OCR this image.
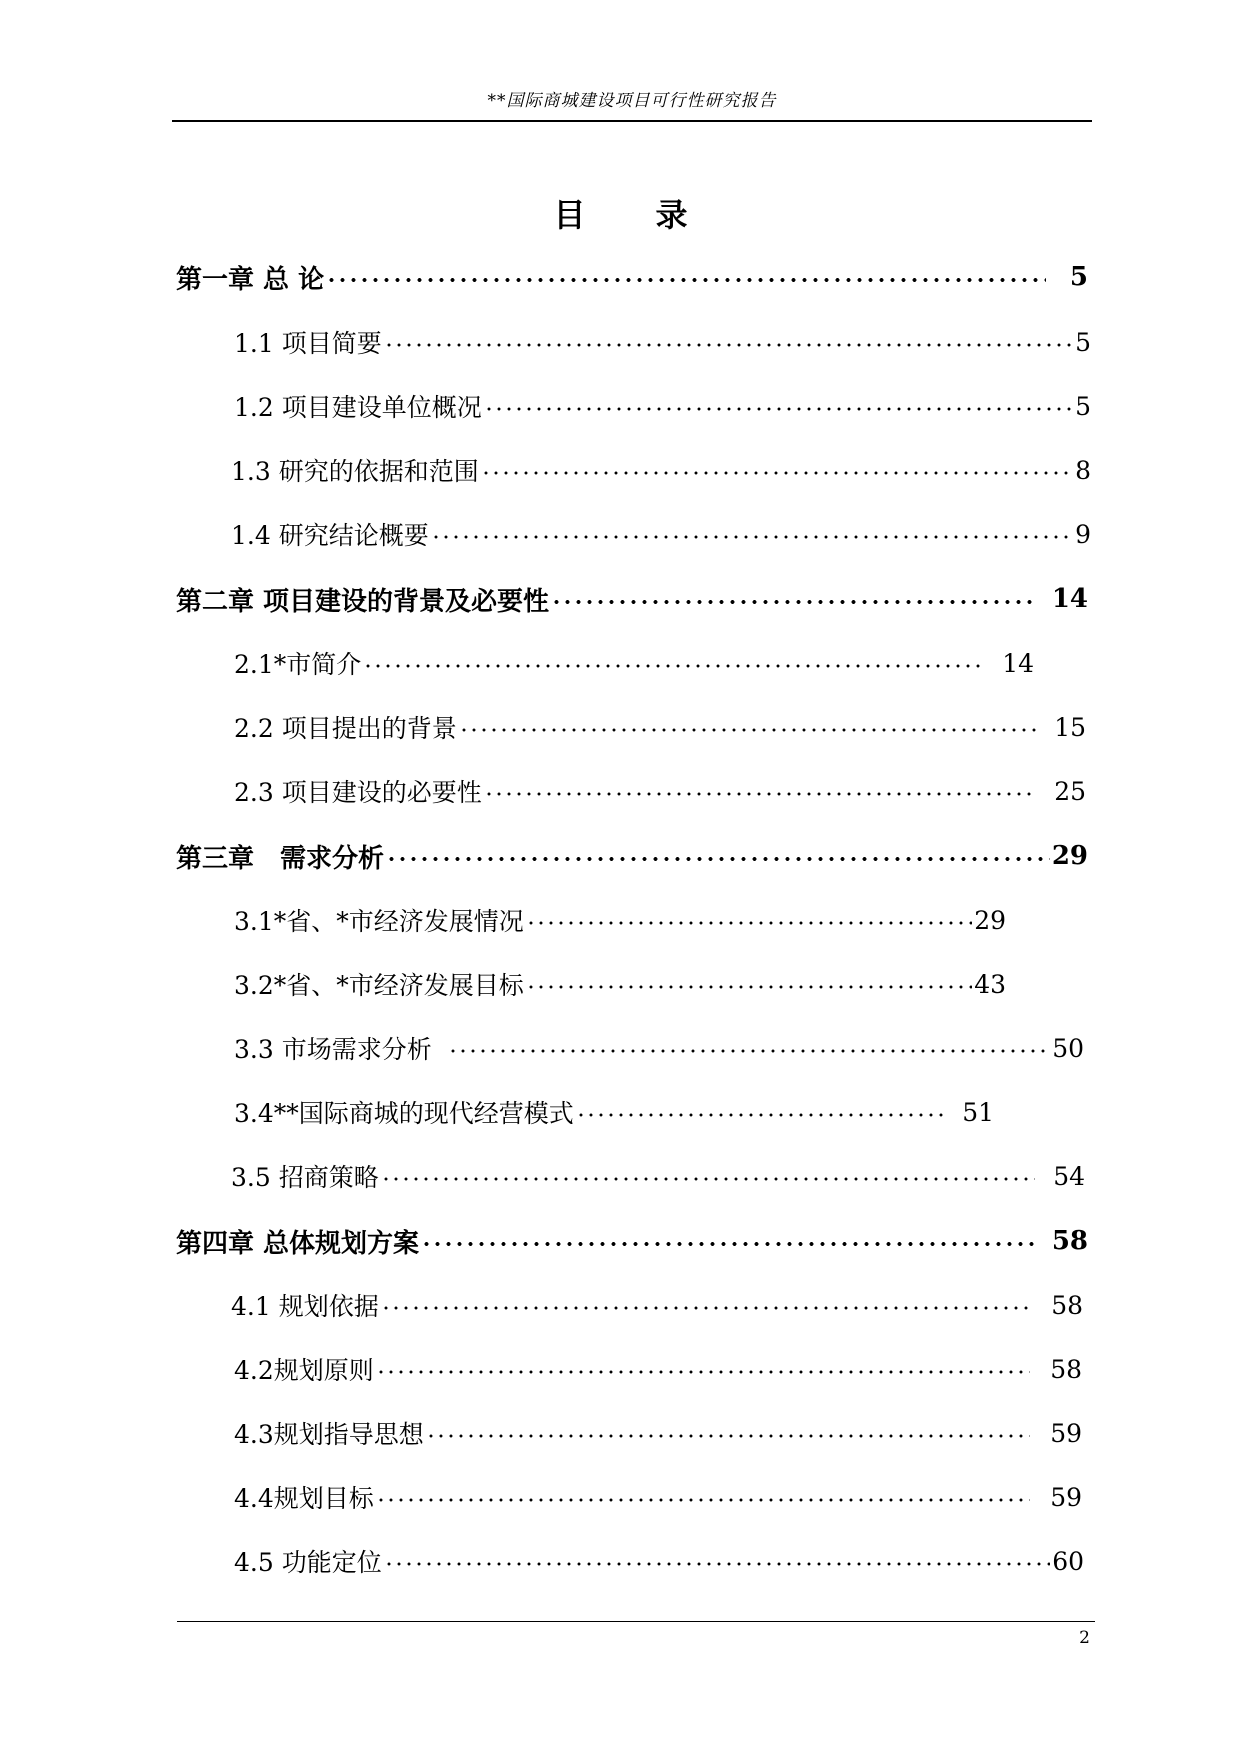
**国际商城建设项目可行性研究报告
目 录
第一章 总 论	5
1.1 项目简要	5
1.2 项目建设单位概况	5
1.3 研究的依据和范围	8
1.4 研究结论概要	9
第二章 项目建设的背景及必要性	14
2.1*市简介	14
2.2 项目提出的背景	15
2.3 项目建设的必要性	25
第三章　需求分析	29
3.1*省、*市经济发展情况	29
3.2*省、*市经济发展目标	43
3.3 市场需求分析	50
3.4**国际商城的现代经营模式	51
3.5 招商策略	54
第四章 总体规划方案	58
4.1 规划依据	58
4.2规划原则	58
4.3规划指导思想	59
4.4规划目标	59
4.5 功能定位	60
2
